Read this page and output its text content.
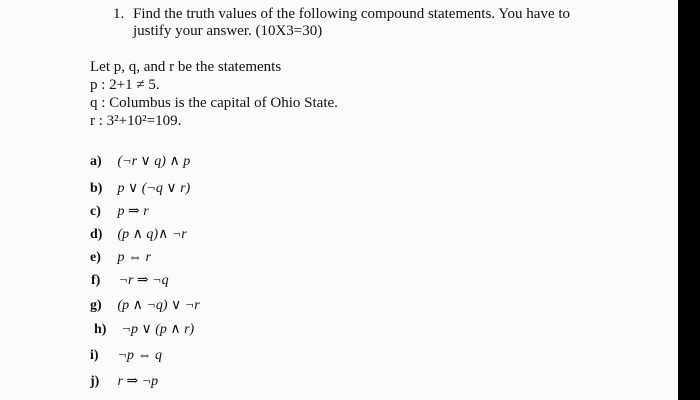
1. Find the truth values of the following compound statements. You have to
justify your answer. (10X3=30)
Let p, q, and r be the statements
p : 2+1 ≠ 5.
q : Columbus is the capital of Ohio State.
r : 3²+10²=109.
a) (¬r ∨ q) ∧ p
b) p ∨ (¬q ∨ r)
c) p ⇒ r
d) (p ∧ q)∧ ¬r
e) p ⇔ r
f) ¬r ⇒ ¬q
g) (p ∧ ¬q) ∨ ¬r
h) ¬p ∨ (p ∧ r)
i) ¬p ⇔ q
j) r ⇒ ¬p
